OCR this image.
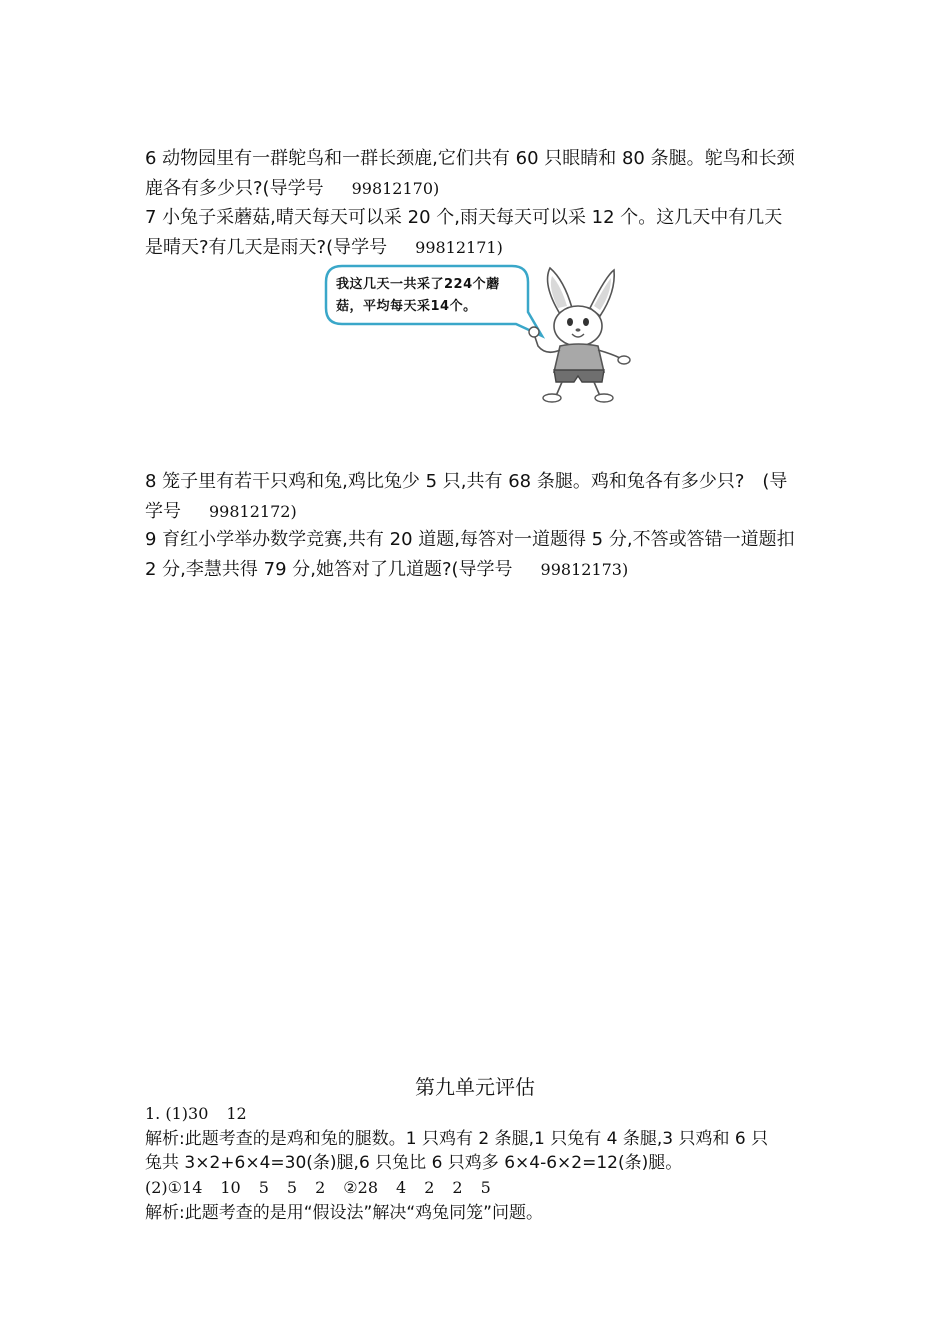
6 动物园里有一群鸵鸟和一群长颈鹿,它们共有 60 只眼睛和 80 条腿。鸵鸟和长颈
鹿各有多少只?(导学号 99812170)
7 小兔子采蘑菇,晴天每天可以采 20 个,雨天每天可以采 12 个。这几天中有几天
是晴天?有几天是雨天?(导学号 99812171)
我这几天一共采了224个蘑
菇，平均每天采14个。
8 笼子里有若干只鸡和兔,鸡比兔少 5 只,共有 68 条腿。鸡和兔各有多少只?　(导
学号 99812172)
9 育红小学举办数学竞赛,共有 20 道题,每答对一道题得 5 分,不答或答错一道题扣
2 分,李慧共得 79 分,她答对了几道题?(导学号 99812173)
第九单元评估
1. (1)30 12
解析:此题考查的是鸡和兔的腿数。1 只鸡有 2 条腿,1 只兔有 4 条腿,3 只鸡和 6 只
兔共 3×2+6×4=30(条)腿,6 只兔比 6 只鸡多 6×4-6×2=12(条)腿。
(2)①14 10 5 5 2 ②28 4 2 2 5
解析:此题考查的是用“假设法”解决“鸡兔同笼”问题。
